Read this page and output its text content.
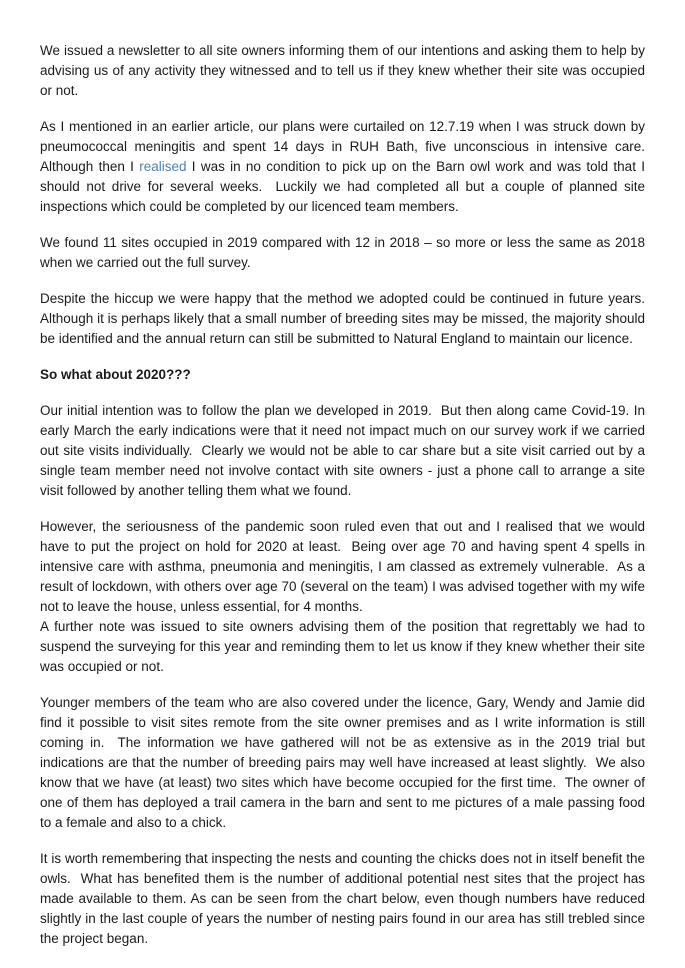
We issued a newsletter to all site owners informing them of our intentions and asking them to help by advising us of any activity they witnessed and to tell us if they knew whether their site was occupied or not.

As I mentioned in an earlier article, our plans were curtailed on 12.7.19 when I was struck down by pneumococcal meningitis and spent 14 days in RUH Bath, five unconscious in intensive care.  Although then I realised I was in no condition to pick up on the Barn owl work and was told that I should not drive for several weeks.  Luckily we had completed all but a couple of planned site inspections which could be completed by our licenced team members.

We found 11 sites occupied in 2019 compared with 12 in 2018 – so more or less the same as 2018 when we carried out the full survey.

Despite the hiccup we were happy that the method we adopted could be continued in future years.  Although it is perhaps likely that a small number of breeding sites may be missed, the majority should be identified and the annual return can still be submitted to Natural England to maintain our licence.

So what about 2020???

Our initial intention was to follow the plan we developed in 2019.  But then along came Covid-19. In early March the early indications were that it need not impact much on our survey work if we carried out site visits individually.  Clearly we would not be able to car share but a site visit carried out by a single team member need not involve contact with site owners - just a phone call to arrange a site visit followed by another telling them what we found.

However, the seriousness of the pandemic soon ruled even that out and I realised that we would have to put the project on hold for 2020 at least.  Being over age 70 and having spent 4 spells in intensive care with asthma, pneumonia and meningitis, I am classed as extremely vulnerable.  As a result of lockdown, with others over age 70 (several on the team) I was advised together with my wife not to leave the house, unless essential, for 4 months.

A further note was issued to site owners advising them of the position that regrettably we had to suspend the surveying for this year and reminding them to let us know if they knew whether their site was occupied or not.

Younger members of the team who are also covered under the licence, Gary, Wendy and Jamie did find it possible to visit sites remote from the site owner premises and as I write information is still coming in.  The information we have gathered will not be as extensive as in the 2019 trial but indications are that the number of breeding pairs may well have increased at least slightly.  We also know that we have (at least) two sites which have become occupied for the first time.  The owner of one of them has deployed a trail camera in the barn and sent to me pictures of a male passing food to a female and also to a chick.

It is worth remembering that inspecting the nests and counting the chicks does not in itself benefit the owls.  What has benefited them is the number of additional potential nest sites that the project has made available to them. As can be seen from the chart below, even though numbers have reduced slightly in the last couple of years the number of nesting pairs found in our area has still trebled since the project began.
